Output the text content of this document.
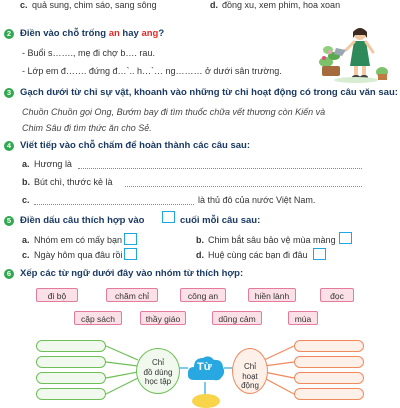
c. quả sung, chim sáo, sang sông	d. đồng xu, xem phim, hoa xoan
2 Điền vào chỗ trống an hay ang?
- Buổi s……., mẹ đi chợ b…. rau.
- Lớp em đ……. đứng đ…`.. h…`… ng……… ở dưới sân trường.
3 Gạch dưới từ chỉ sự vật, khoanh vào những từ chỉ hoạt động có trong câu văn sau:
Chuồn Chuồn gọi Ong, Bướm bay đi tìm thuốc chữa vết thương còn Kiến và
Chim Sâu đi tìm thức ăn cho Sẻ.
4 Viết tiếp vào chỗ chấm để hoàn thành các câu sau:
a. Hương là
b. Bút chì, thước kẻ là
c.	là thủ đô của nước Việt Nam.
5 Điền dấu câu thích hợp vào	cuối mỗi câu sau:
a. Nhóm em có mấy bạn	b. Chim bắt sâu bảo vệ mùa màng
c. Ngày hôm qua đâu rồi	d. Huệ cùng các bạn đi đâu
6 Xếp các từ ngữ dưới đây vào nhóm từ thích hợp:
đi bộ	chăm chỉ	công an	hiền lành	đọc
cặp sách	thầy giáo	dũng cảm	múa
Chỉ
đồ dùng
học tập
Từ	Chỉ
hoạt động
